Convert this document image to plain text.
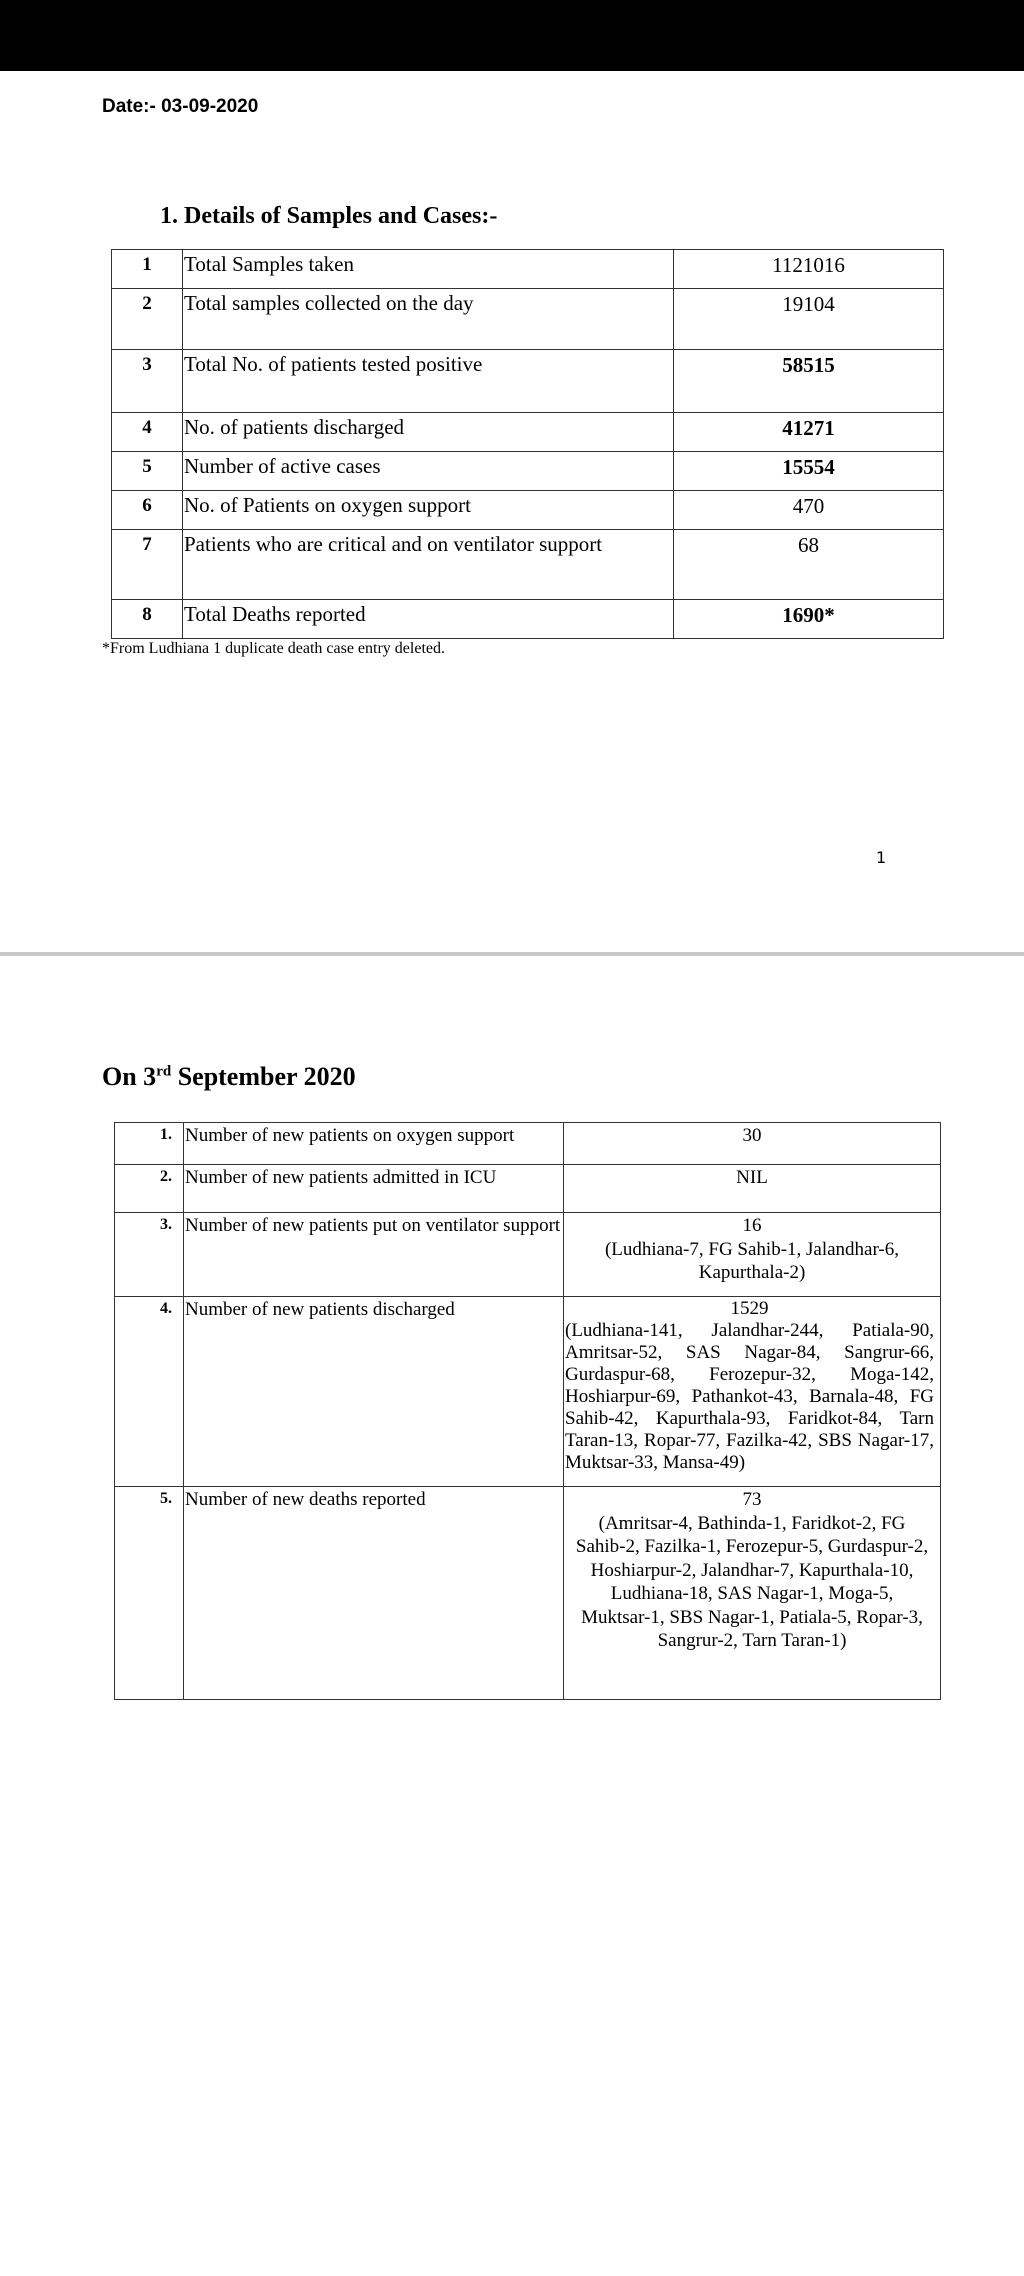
Date:- 03-09-2020
1. Details of Samples and Cases:-
1	Total Samples taken	1121016
2	Total samples collected on the day	19104
3	Total No. of patients tested positive	58515
4	No. of patients discharged	41271
5	Number of active cases	15554
6	No. of Patients on oxygen support	470
7	Patients who are critical and on ventilator support	68
8	Total Deaths reported	1690*
*From Ludhiana 1 duplicate death case entry deleted.
1
On 3rd September 2020
1.	Number of new patients on oxygen support	30
2.	Number of new patients admitted in ICU	NIL
3.	Number of new patients put on ventilator support	16
(Ludhiana-7, FG Sahib-1, Jalandhar-6, Kapurthala-2)

4.	Number of new patients discharged	1529
(Ludhiana-141, Jalandhar-244, Patiala-90, Amritsar-52, SAS Nagar-84, Sangrur-66, Gurdaspur-68, Ferozepur-32, Moga-142, Hoshiarpur-69, Pathankot-43, Barnala-48, FG Sahib-42, Kapurthala-93, Faridkot-84, Tarn Taran-13, Ropar-77, Fazilka-42, SBS Nagar-17, Muktsar-33, Mansa-49)

5.	Number of new deaths reported	73
(Amritsar-4, Bathinda-1, Faridkot-2, FG Sahib-2, Fazilka-1, Ferozepur-5, Gurdaspur-2, Hoshiarpur-2, Jalandhar-7, Kapurthala-10, Ludhiana-18, SAS Nagar-1, Moga-5, Muktsar-1, SBS Nagar-1, Patiala-5, Ropar-3, Sangrur-2, Tarn Taran-1)
